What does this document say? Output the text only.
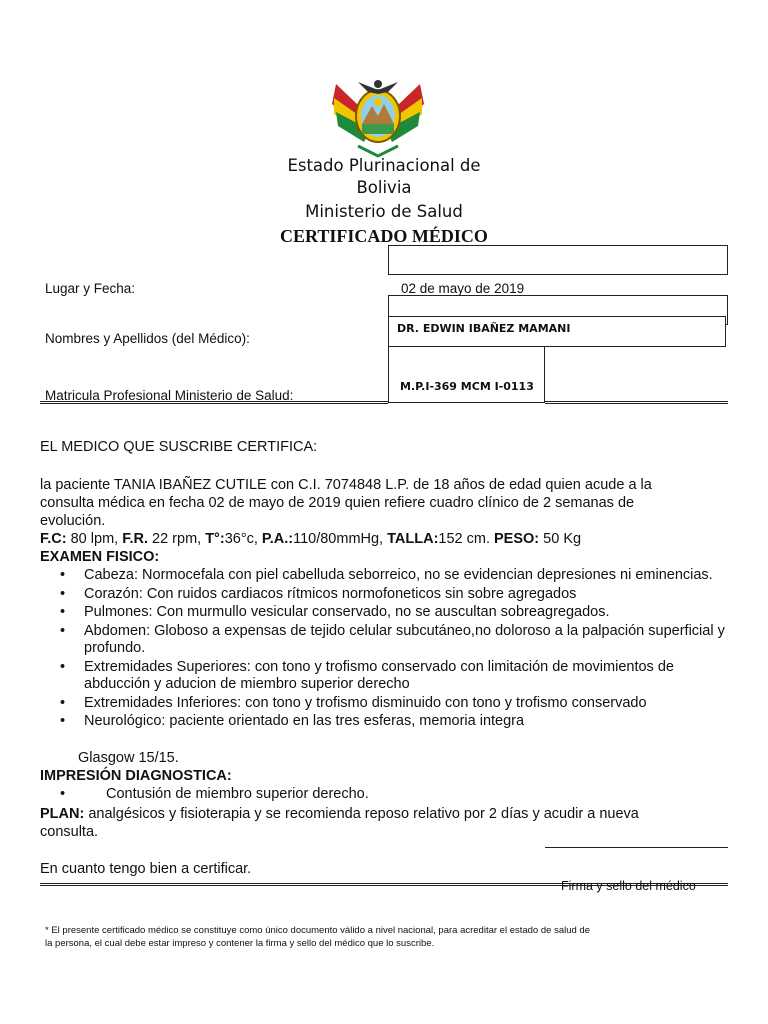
Estado Plurinacional de
Bolivia
Ministerio de Salud
CERTIFICADO MÉDICO
Lugar y Fecha:	02 de mayo de 2019
DR. EDWIN IBAÑEZ MAMANI
Nombres y Apellidos (del Médico):
M.P.I-369 MCM I-0113
Matricula Profesional Ministerio de Salud:
EL MEDICO QUE SUSCRIBE CERTIFICA:
la paciente TANIA IBAÑEZ CUTILE con C.I. 7074848 L.P. de 18 años de edad quien acude a la
consulta médica en fecha 02 de mayo de 2019 quien refiere cuadro clínico de 2 semanas de
evolución.
F.C: 80 lpm, F.R. 22 rpm, T°:36°c, P.A.:110/80mmHg, TALLA:152 cm. PESO: 50 Kg
EXAMEN FISICO:
• Cabeza: Normocefala con piel cabelluda seborreico, no se evidencian depresiones ni eminencias.
• Corazón: Con ruidos cardiacos rítmicos normofoneticos sin sobre agregados
• Pulmones: Con murmullo vesicular conservado, no se auscultan sobreagregados.
• Abdomen: Globoso a expensas de tejido celular subcutáneo,no doloroso a la palpación superficial y profundo.
• Extremidades Superiores: con tono y trofismo conservado con limitación de movimientos de abducción y aducion de miembro superior derecho
• Extremidades Inferiores: con tono y trofismo disminuido con tono y trofismo conservado
• Neurológico: paciente orientado en las tres esferas, memoria integra
Glasgow 15/15.
IMPRESIÓN DIAGNOSTICA:
• Contusión de miembro superior derecho.
PLAN: analgésicos y fisioterapia y se recomienda reposo relativo por 2 días y acudir a nueva
consulta.
En cuanto tengo bien a certificar.
Firma y sello del médico
* El presente certificado médico se constituye como único documento válido a nivel nacional, para acreditar el estado de salud de
la persona, el cual debe estar impreso y contener la firma y sello del médico que lo suscribe.
